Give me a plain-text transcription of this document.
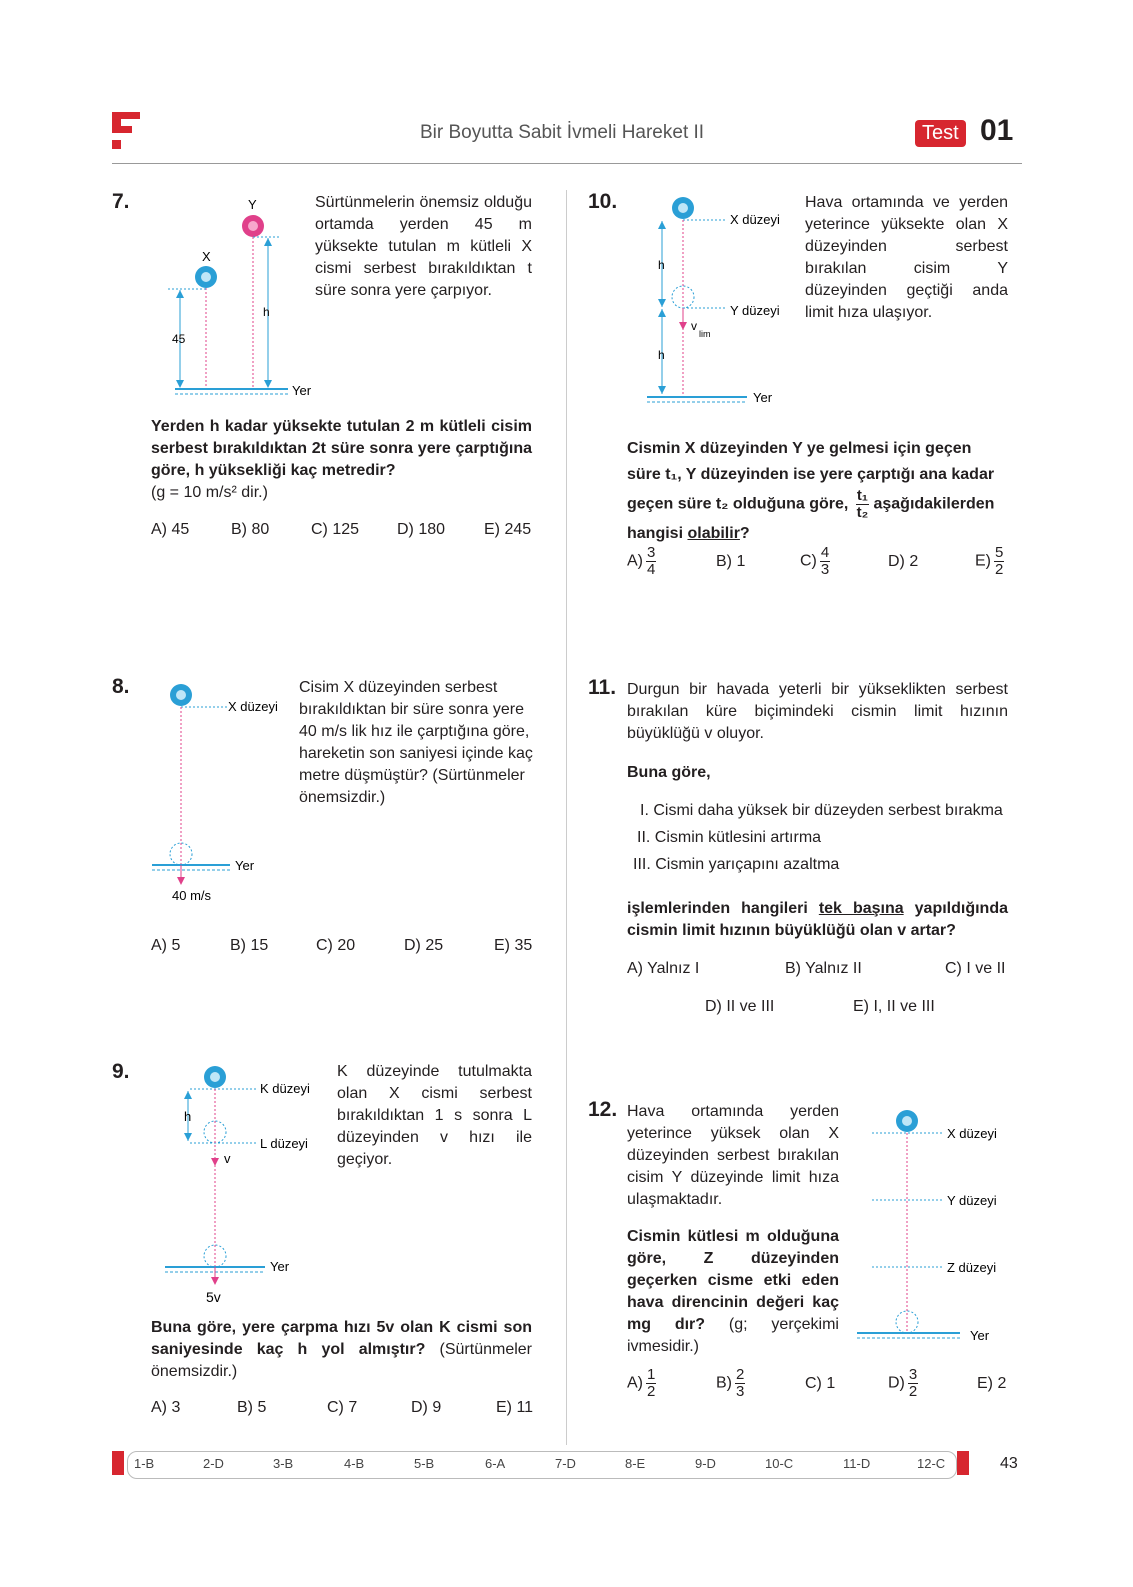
Bir Boyutta Sabit İvmeli Hareket II	Test 01
7.	Y
X
45
h
Yer
Sürtünmelerin önemsiz olduğu ortamda yerden 45 m yüksekte tutulan m kütleli X cismi serbest bırakıldıktan t süre sonra yere çarpıyor.
Yerden h kadar yüksekte tutulan 2 m kütleli cisim serbest bırakıldıktan 2t süre sonra yere çarptığına göre, h yüksekliği kaç metredir?
(g = 10 m/s² dir.)
A) 45	B) 80	C) 125 D) 180 E) 245
8.
X düzeyi
Yer
40 m/s
Cisim X düzeyinden serbest bırakıldıktan bir süre sonra yere 40 m/s lik hız ile çarptığına göre, hareketin son saniyesi içinde kaç metre düşmüştür? (Sürtünmeler önemsizdir.)
A) 5	B) 15	C) 20	D) 25	E) 35
9.
K düzeyi
L düzeyi
h
v
Yer
5v
K düzeyinde tutulmakta olan X cismi serbest bırakıldıktan 1 s sonra L düzeyinden v hızı ile geçiyor.
Buna göre, yere çarpma hızı 5v olan K cismi son saniyesinde kaç h yol almıştır? (Sürtünmeler önemsizdir.)
A) 3	B) 5	C) 7	D) 9	E) 11
10.
X düzeyi
Y düzeyi
h
h
v
lim
Yer
Hava ortamında ve yerden yeterince yüksekte olan X düzeyinden serbest bırakılan cisim Y düzeyinden geçtiği anda limit hıza ulaşıyor.
Cismin X düzeyinden Y ye gelmesi için geçen
süre t₁, Y düzeyinden ise yere çarptığı ana kadar
geçen süre t₂ olduğuna göre, $\frac{\text{t₁}}{\text{t₂}}$ aşağıdakilerden
hangisi olabilir?
$A) \frac{3}{4}$	B) 1	$C) \frac{4}{3}$	D) 2	$E) \frac{5}{2}$
11. Durgun bir havada yeterli bir yükseklikten serbest bırakılan küre biçimindeki cismin limit hızının büyüklüğü v oluyor.
Buna göre,
I. Cismi daha yüksek bir düzeyden serbest bırakma
II. Cismin kütlesini artırma
III. Cismin yarıçapını azaltma
işlemlerinden hangileri tek başına yapıldığında cismin limit hızının büyüklüğü olan v artar?
A) Yalnız I	B) Yalnız II	C) I ve II
D) II ve III	E) I, II ve III
12. Hava ortamında yerden yeterince yüksek olan X düzeyinden serbest bırakılan cisim Y düzeyinde limit hıza ulaşmaktadır.
Cismin kütlesi m olduğuna göre, Z düzeyinden geçerken cisme etki eden hava direncinin değeri kaç mg dır? (g; yerçekimi ivmesidir.)
X düzeyi
Y düzeyi
Z düzeyi
Yer
$A) \frac{1}{2}$	$B) \frac{2}{3}$	C) 1	$D) \frac{3}{2}$	E) 2
1-B	2-D	3-B	4-B	5-B	6-A	7-D	8-E	9-D	10-C	11-D	12-C	43
